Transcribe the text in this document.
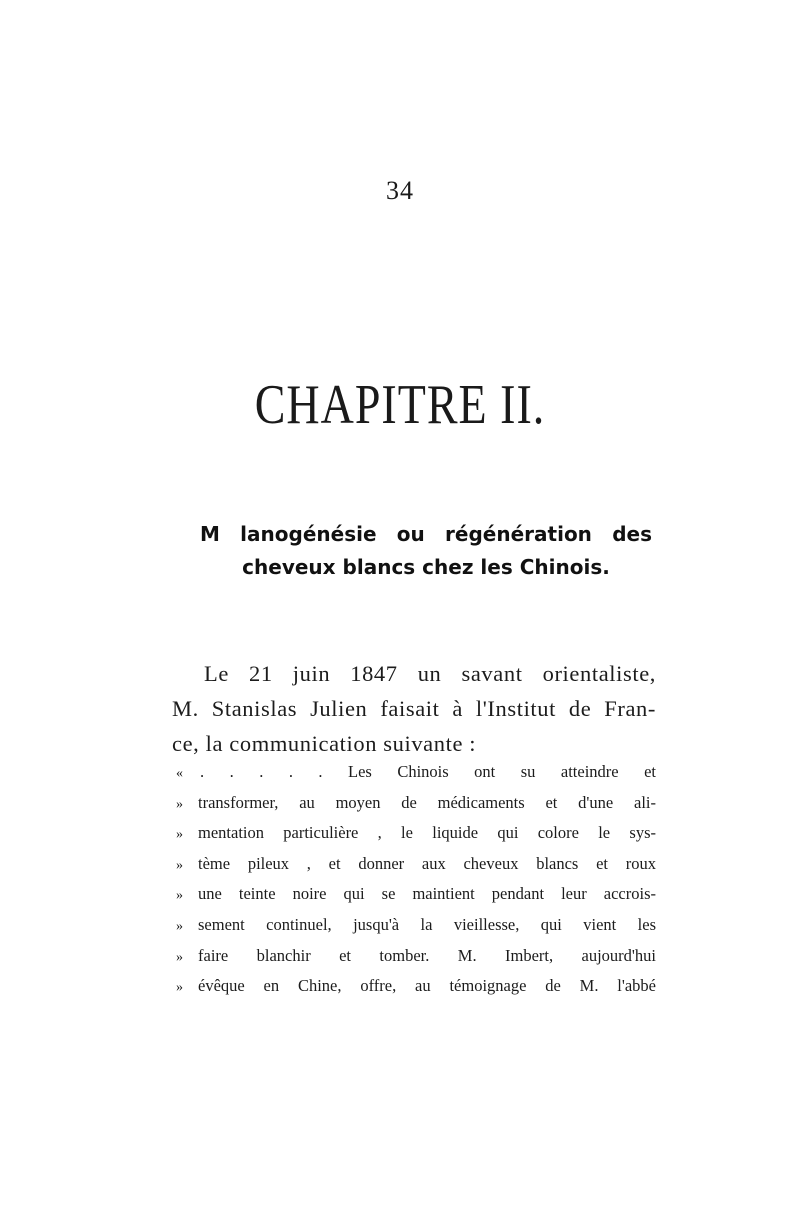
34
CHAPITRE II.
M lanogénésie ou régénération des
cheveux blancs chez les Chinois.
Le 21 juin 1847 un savant orientaliste,
M. Stanislas Julien faisait à l'Institut de Fran-
ce, la communication suivante :
«	. . . . . Les Chinois ont su atteindre et
» transformer, au moyen de médicaments et d'une ali-
» mentation particulière , le liquide qui colore le sys-
» tème pileux , et donner aux cheveux blancs et roux
» une teinte noire qui se maintient pendant leur accrois-
» sement continuel, jusqu'à la vieillesse, qui vient les
» faire blanchir et tomber. M. Imbert, aujourd'hui
» évêque en Chine, offre, au témoignage de M. l'abbé
